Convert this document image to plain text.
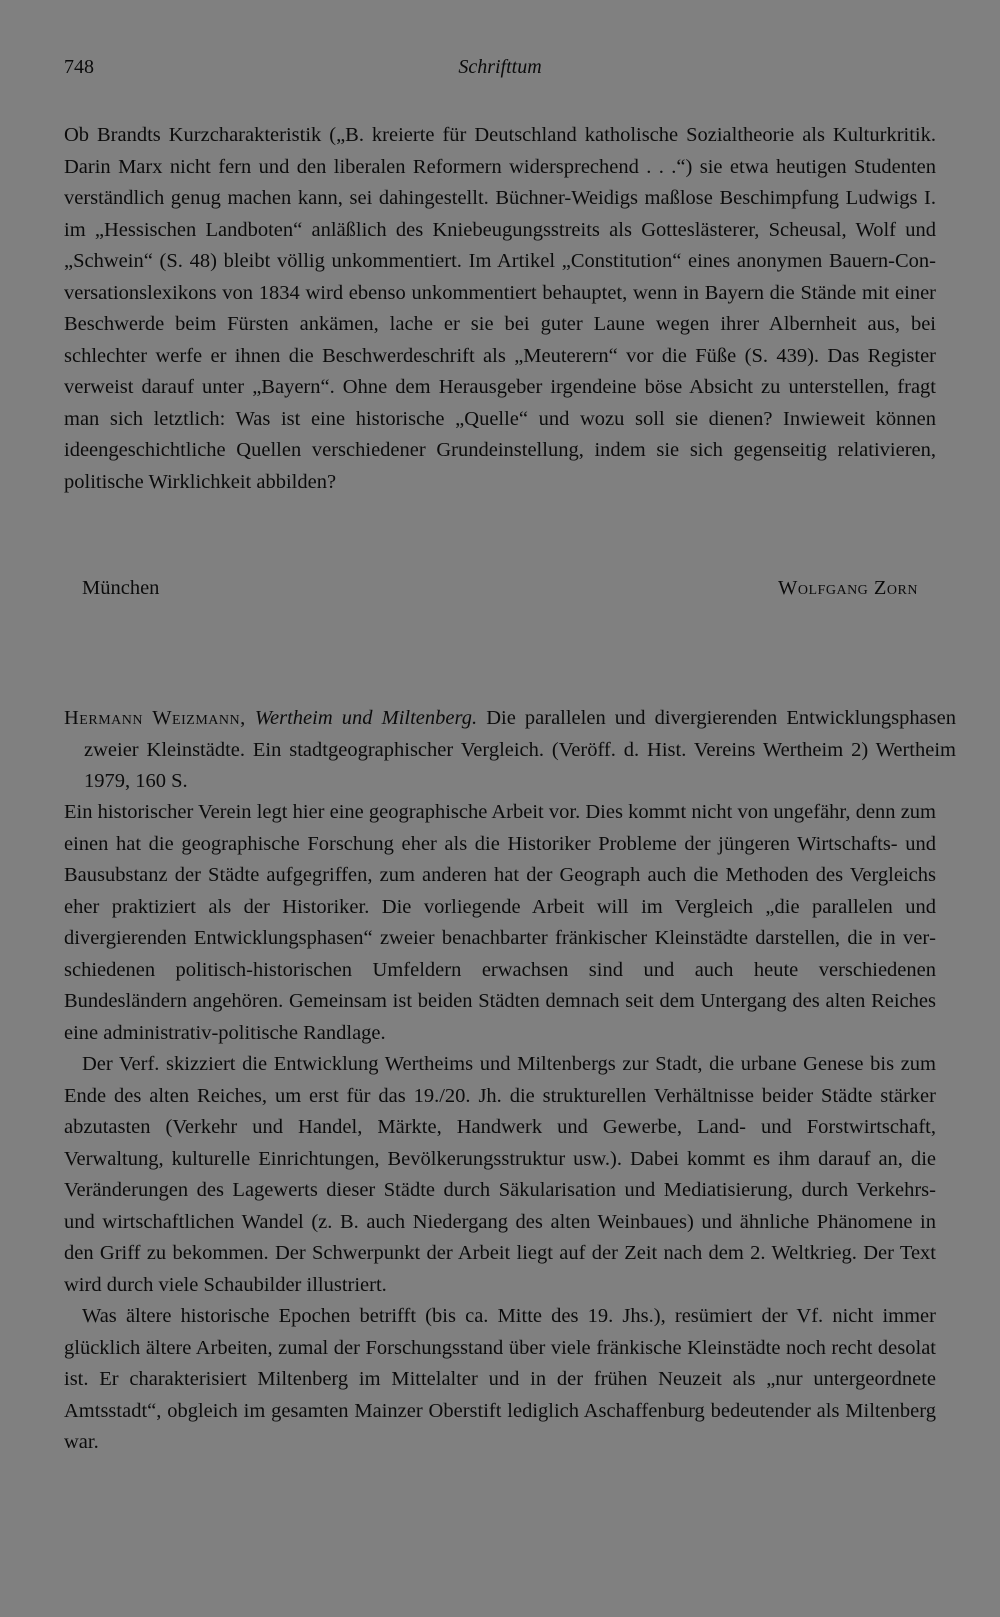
748	Schrifttum

Ob Brandts Kurzcharakteristik („B. kreierte für Deutschland katholische Sozialtheorie als Kulturkritik. Darin Marx nicht fern und den liberalen Reformern widersprechend . . .“) sie etwa heutigen Studenten verständlich genug machen kann, sei dahingestellt. Büchner-Weidigs maßlose Beschimpfung Ludwigs I. im „Hessischen Landboten“ anläßlich des Kniebeugungsstreits als Gotteslästerer, Scheusal, Wolf und „Schwein“ (S. 48) bleibt völlig unkommentiert. Im Artikel „Constitution“ eines anonymen Bauern-Conversationslexikons von 1834 wird ebenso unkommentiert behauptet, wenn in Bayern die Stände mit einer Beschwerde beim Fürsten ankämen, lache er sie bei guter Laune wegen ihrer Albernheit aus, bei schlechter werfe er ihnen die Beschwerdeschrift als „Meuterern“ vor die Füße (S. 439). Das Register verweist darauf unter „Bayern“. Ohne dem Herausgeber irgendeine böse Absicht zu unterstellen, fragt man sich letztlich: Was ist eine historische „Quelle“ und wozu soll sie dienen? Inwieweit können ideengeschichtliche Quellen verschiedener Grundeinstellung, indem sie sich gegenseitig relativieren, politische Wirklichkeit abbilden?

München	Wolfgang Zorn
Hermann Weizmann, Wertheim und Miltenberg. Die parallelen und divergierenden Entwicklungsphasen zweier Kleinstädte. Ein stadtgeographischer Vergleich. (Veröff. d. Hist. Vereins Wertheim 2) Wertheim 1979, 160 S.

Ein historischer Verein legt hier eine geographische Arbeit vor. Dies kommt nicht von ungefähr, denn zum einen hat die geographische Forschung eher als die Historiker Probleme der jüngeren Wirtschafts- und Bausubstanz der Städte aufgegriffen, zum anderen hat der Geograph auch die Methoden des Vergleichs eher praktiziert als der Historiker. Die vorliegende Arbeit will im Vergleich „die parallelen und divergierenden Entwicklungsphasen“ zweier benachbarter fränkischer Kleinstädte darstellen, die in verschiedenen politisch-historischen Umfeldern erwachsen sind und auch heute verschiedenen Bundesländern angehören. Gemeinsam ist beiden Städten demnach seit dem Untergang des alten Reiches eine administrativ-politische Randlage.

Der Verf. skizziert die Entwicklung Wertheims und Miltenbergs zur Stadt, die urbane Genese bis zum Ende des alten Reiches, um erst für das 19./20. Jh. die strukturellen Verhältnisse beider Städte stärker abzutasten (Verkehr und Handel, Märkte, Handwerk und Gewerbe, Land- und Forstwirtschaft, Verwaltung, kulturelle Einrichtungen, Bevölkerungsstruktur usw.). Dabei kommt es ihm darauf an, die Veränderungen des Lagewerts dieser Städte durch Säkularisation und Mediatisierung, durch Verkehrs- und wirtschaftlichen Wandel (z. B. auch Niedergang des alten Weinbaues) und ähnliche Phänomene in den Griff zu bekommen. Der Schwerpunkt der Arbeit liegt auf der Zeit nach dem 2. Weltkrieg. Der Text wird durch viele Schaubilder illustriert.

Was ältere historische Epochen betrifft (bis ca. Mitte des 19. Jhs.), resümiert der Vf. nicht immer glücklich ältere Arbeiten, zumal der Forschungsstand über viele fränkische Kleinstädte noch recht desolat ist. Er charakterisiert Miltenberg im Mittelalter und in der frühen Neuzeit als „nur untergeordnete Amtsstadt“, obgleich im gesamten Mainzer Oberstift lediglich Aschaffenburg bedeutender als Miltenberg war.
